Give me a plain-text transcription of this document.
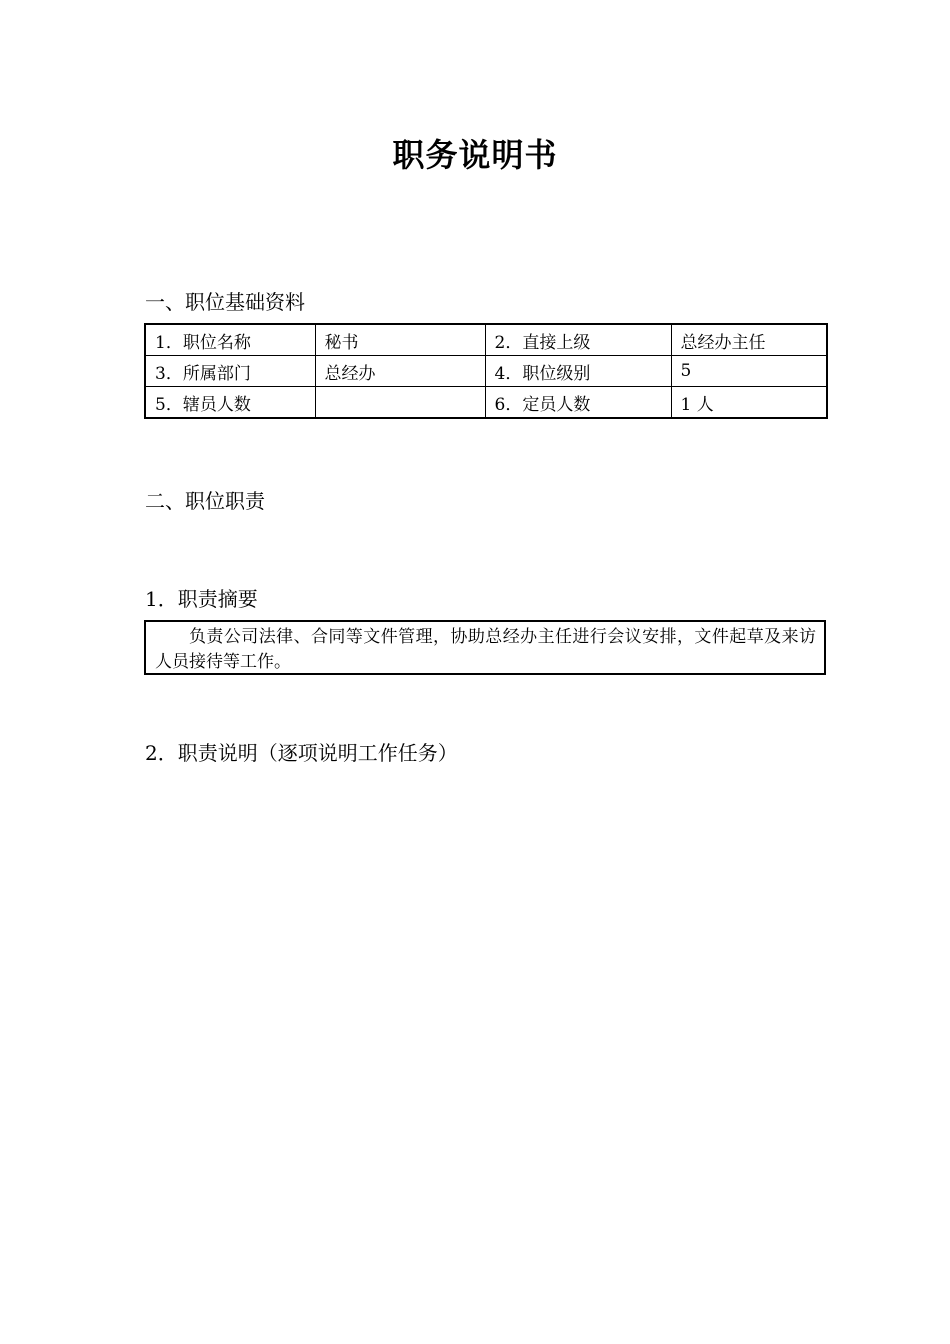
职务说明书
一、职位基础资料
1．职位名称	秘书	2．直接上级	总经办主任
3．所属部门	总经办	4．职位级别	5
5．辖员人数		6．定员人数	1 人
二、职位职责
1．职责摘要
负责公司法律、合同等文件管理，协助总经办主任进行会议安排，文件起草及来访人员接待等工作。
2．职责说明（逐项说明工作任务）
